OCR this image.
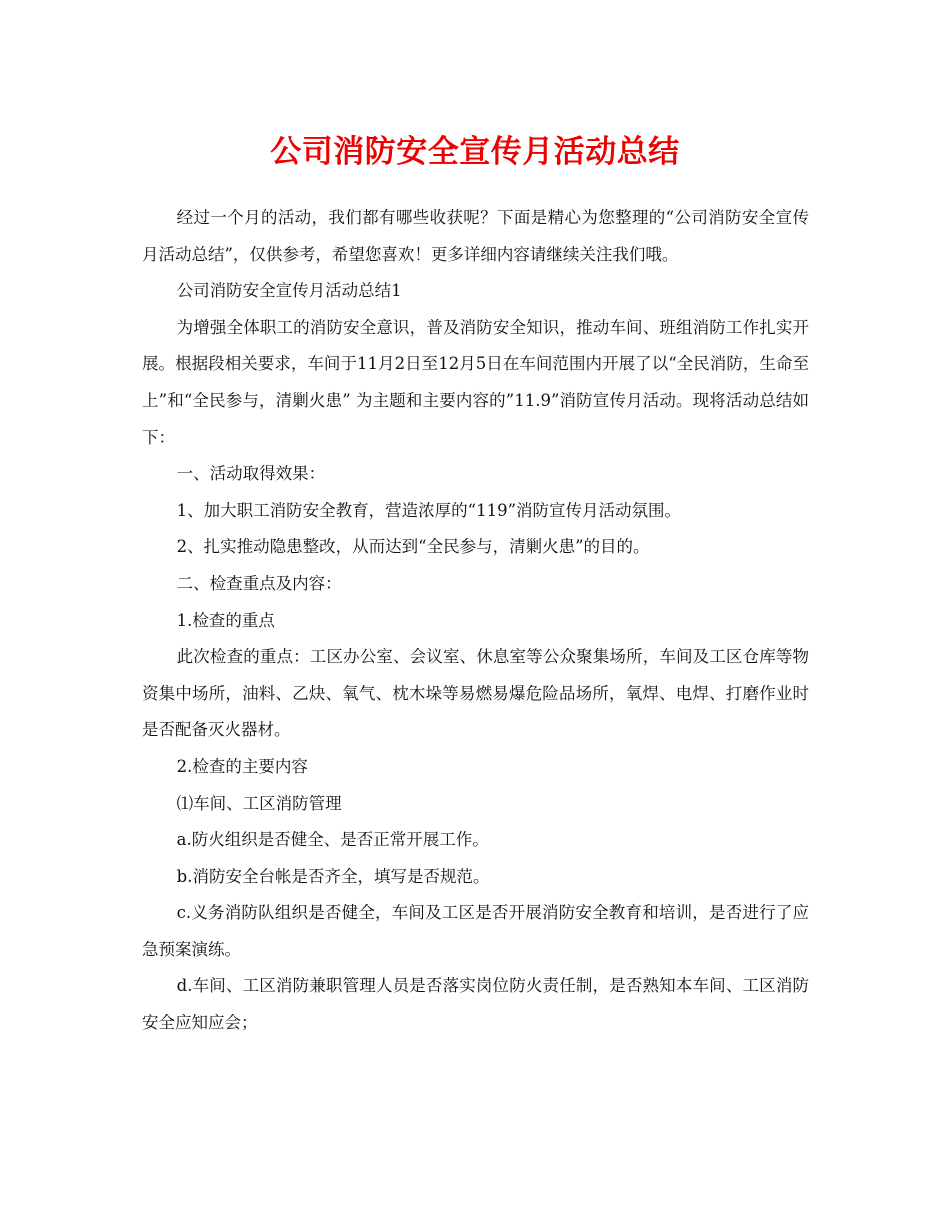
公司消防安全宣传月活动总结

经过一个月的活动，我们都有哪些收获呢？下面是精心为您整理的“公司消防安全宣传月活动总结”，仅供参考，希望您喜欢！更多详细内容请继续关注我们哦。

公司消防安全宣传月活动总结1

为增强全体职工的消防安全意识，普及消防安全知识，推动车间、班组消防工作扎实开展。根据段相关要求，车间于11月2日至12月5日在车间范围内开展了以“全民消防，生命至上”和“全民参与，清剿火患” 为主题和主要内容的”11.9”消防宣传月活动。现将活动总结如下：

一、活动取得效果：

1、加大职工消防安全教育，营造浓厚的“119”消防宣传月活动氛围。

2、扎实推动隐患整改，从而达到“全民参与，清剿火患”的目的。

二、检查重点及内容：

1.检查的重点

此次检查的重点：工区办公室、会议室、休息室等公众聚集场所，车间及工区仓库等物资集中场所，油料、乙炔、氧气、枕木垛等易燃易爆危险品场所，氧焊、电焊、打磨作业时是否配备灭火器材。

2.检查的主要内容

⑴车间、工区消防管理

a.防火组织是否健全、是否正常开展工作。

b.消防安全台帐是否齐全，填写是否规范。

c.义务消防队组织是否健全，车间及工区是否开展消防安全教育和培训，是否进行了应急预案演练。

d.车间、工区消防兼职管理人员是否落实岗位防火责任制，是否熟知本车间、工区消防安全应知应会；
